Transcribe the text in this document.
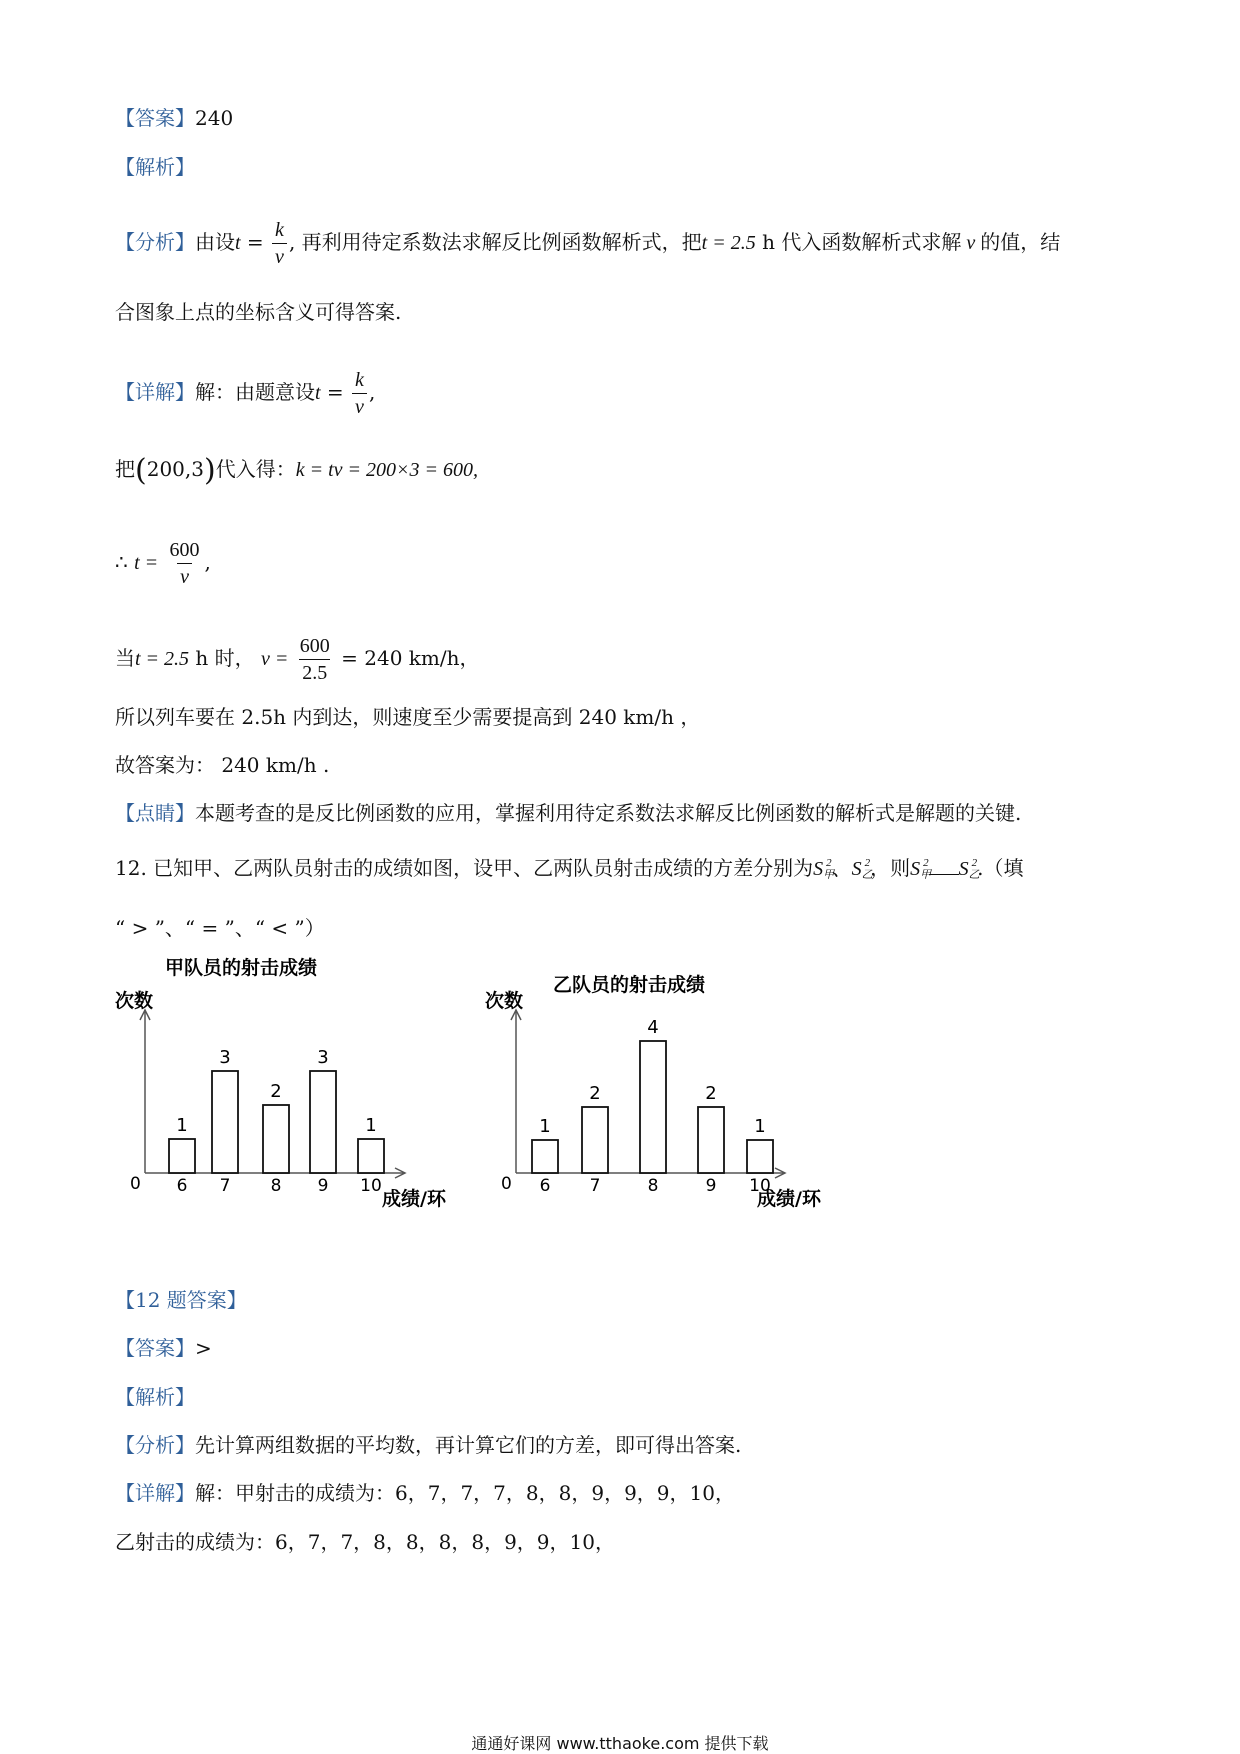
【答案】240
【解析】
【分析】由设$t = \frac{k}{v}$ , 再利用待定系数法求解反比例函数解析式，把t = 2.5 h 代入函数解析式求解 v 的值，结
合图象上点的坐标含义可得答案.
【详解】解：由题意设$t = \frac{k}{v}$ ,
把(200,3)代入得：k = tv = 200×3 = 600,
∴ $t = \frac{600}{v}$ ,
当t = 2.5 h 时， $v = \frac{600}{2.5} = 240$ km/h，
所以列车要在 2.5h 内到达，则速度至少需要提高到 240 km/h ，
故答案为： 240 km/h .
【点睛】本题考查的是反比例函数的应用，掌握利用待定系数法求解反比例函数的解析式是解题的关键.
12. 已知甲、乙两队员射击的成绩如图，设甲、乙两队员射击成绩的方差分别为S甲$^2$、S乙$^2$，则S甲$^2$ S乙$^2$.（填
“ > ”、“ = ”、“ < ”）
甲队员的射击成绩
次数
0
1
6
3
7
2
8
3
9
1
10
成绩/环
乙队员的射击成绩
次数
0
1
6
2
7
4
8
2
9
1
10
成绩/环
【12 题答案】
【答案】>
【解析】
【分析】先计算两组数据的平均数，再计算它们的方差，即可得出答案.
【详解】解：甲射击的成绩为：6，7，7，7，8，8，9，9，9，10，
乙射击的成绩为：6，7，7，8，8，8，8，9，9，10，
通通好课网 www.tthaoke.com 提供下载
